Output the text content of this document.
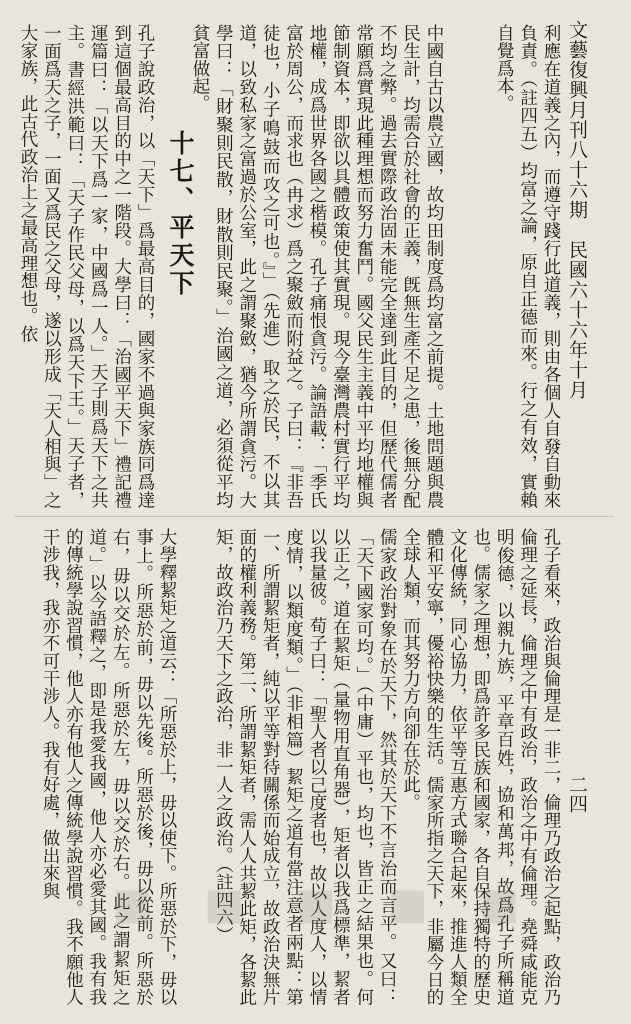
文藝復興月刊八十六期　民國六十六年十月
利應在道義之內，而遵守踐行此道義，則由各個人自發自動來負責。（註四五）均富之論，原自正德而來。行之有效，實賴自覺爲本。
中國自古以農立國，故均田制度爲均富之前提。土地問題與農民生計，均需合於社會的正義，旣無生產不足之患，後無分配不均之弊。過去實際政治固未能完全達到此目的，但歷代儒者常願爲實現此種理想而努力奮鬥。國父民生主義中平均地權與節制資本，即欲以具體政策使其實現。現今臺灣農村實行平均地權，成爲世界各國之楷模。孔子痛恨貪污。論語載：「季氏富於周公，而求也（冉求）爲之聚斂而附益之。子曰：『非吾徒也，小子鳴鼓而攻之可也。』」（先進）取之於民，不以其道，以致私家之富過於公室，此之謂聚斂，猶今所謂貪污。大學曰：「財聚則民散，財散則民聚。」治國之道，必須從平均貧富做起。
十七、平天下
孔子說政治，以「天下」爲最高目的，國家不過與家族同爲達到這個最高目的中之一階段。大學曰：「治國平天下」禮記禮運篇曰：「以天下爲一家，中國爲一人。」天子則爲天下之共主。書經洪範曰：「天子作民父母，以爲天下王。」天子者，一面爲天之子，一面又爲民之父母，遂以形成「天人相與」之大家族，此古代政治上之最高理想也。依
二四
孔子看來，政治與倫理是一非二，倫理乃政治之起點，政治乃倫理之延長，倫理之中有政治，政治之中有倫理。堯舜咸能克明俊德，以親九族，平章百姓，協和萬邦，故爲孔子所稱道也。儒家之理想，即爲許多民族和國家，各自保持獨特的歷史文化傳統，同心協力，依平等互惠方式聯合起來，推進人類全體和平安寧，優裕快樂的生活。儒家所指之天下，非屬今日的全球人類，而其努力方向卻在於此。
儒家政治對象在於天下，然其於天下不言治而言平。又曰：「天下國家可均。」（中庸）平也，均也，皆正之結果也。何以正之，道在絜矩（量物用直角器），矩者以我爲標準，絜者以我量彼。荀子曰：「聖人者以己度者也，故以人度人，以情度情，以類度類。」（非相篇）絜矩之道有當注意者兩點：第一、所謂絜矩者，純以平等對待關係而始成立，故政治決無片面的權利義務。第二、所謂絜矩者，需人人共絜此矩，各絜此矩，故政治乃天下之政治，非一人之政治。（註四六）
大學釋絜矩之道云：「所惡於上，毋以使下。所惡於下，毋以事上。所惡於前，毋以先後。所惡於後，毋以從前。所惡於右，毋以交於左。所惡於左，毋以交於右。此之謂絜矩之道。」以今語釋之，即是我愛我國，他人亦必愛其國。我有我的傳統學說習慣，他人亦有他人之傳統學說習慣。我不願他人干涉我，我亦不可干涉人。我有好處，做出來與
▪ ▪ ▪ ▪ ▪
